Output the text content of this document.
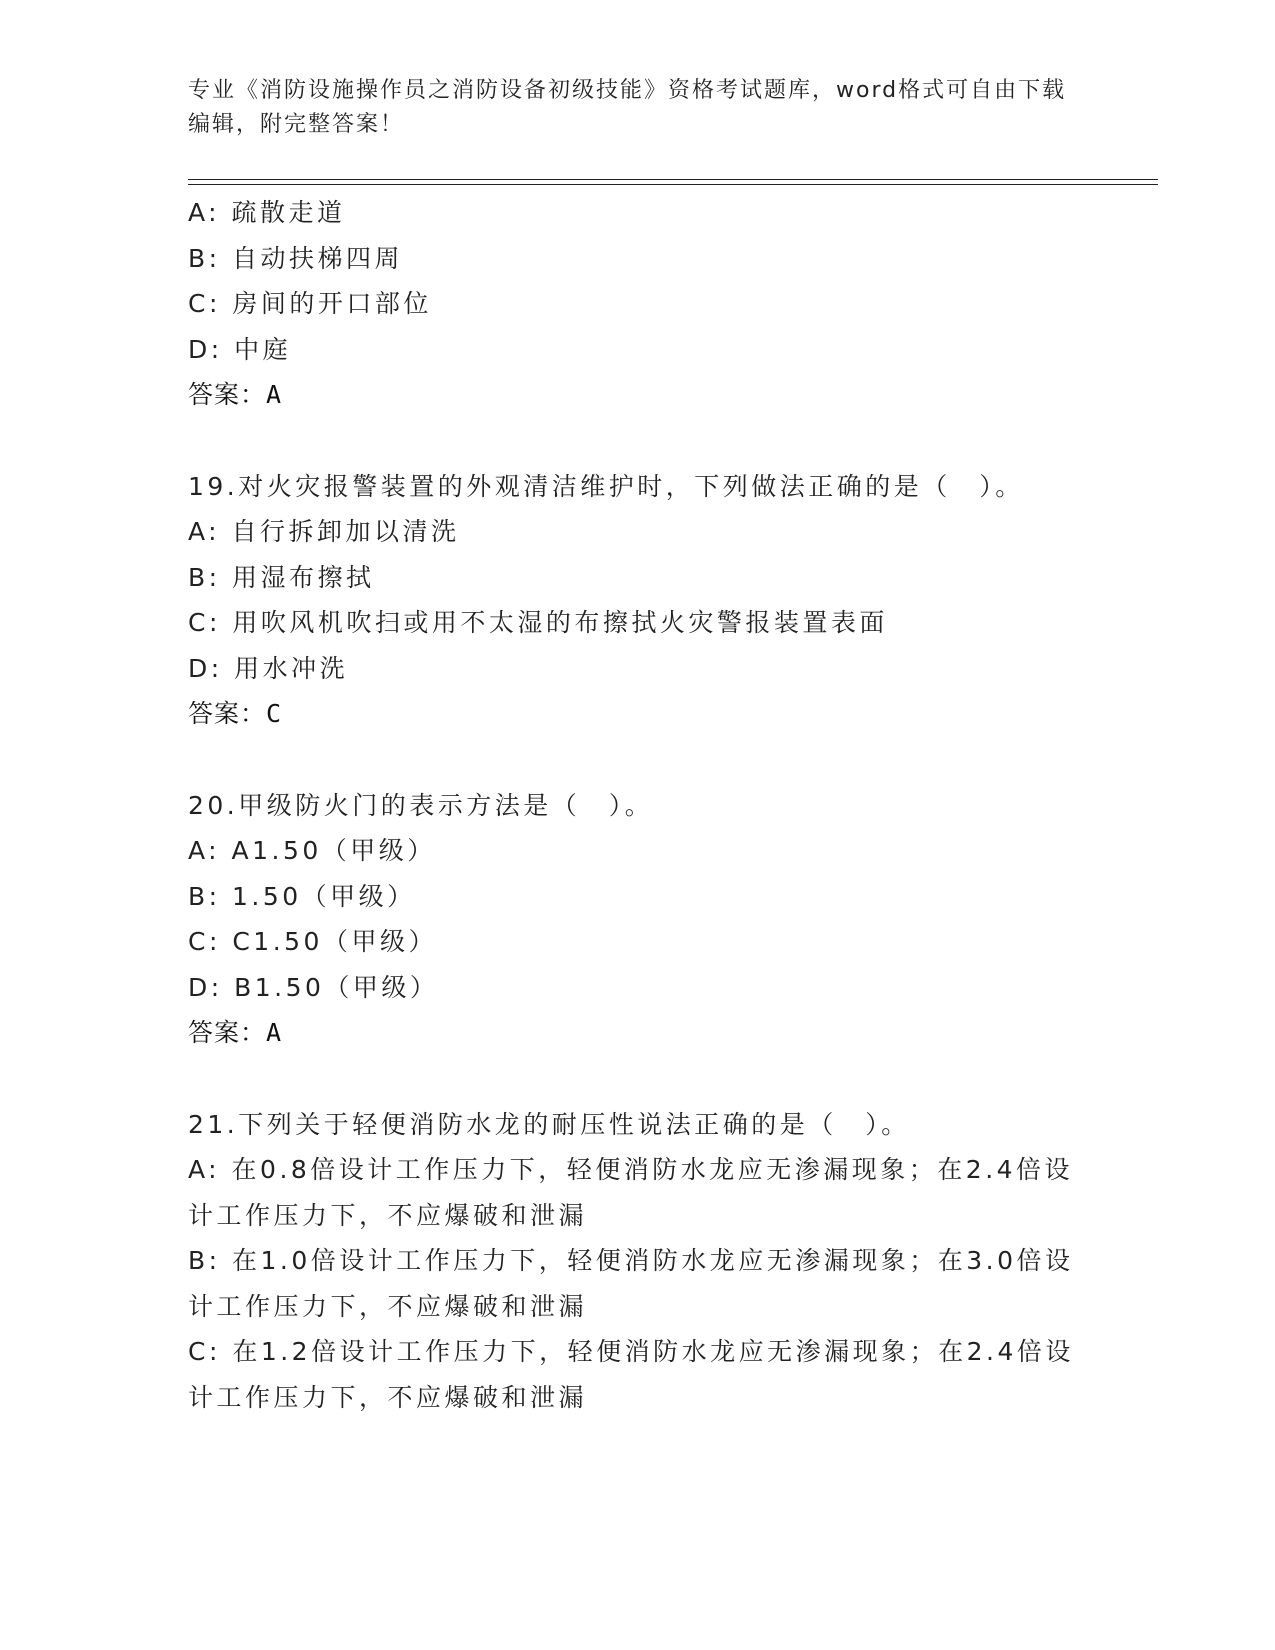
专业《消防设施操作员之消防设备初级技能》资格考试题库，word格式可自由下载编辑，附完整答案！
A: 疏散走道
B: 自动扶梯四周
C: 房间的开口部位
D: 中庭
答案：A
19.对火灾报警装置的外观清洁维护时，下列做法正确的是（　）。
A: 自行拆卸加以清洗
B: 用湿布擦拭
C: 用吹风机吹扫或用不太湿的布擦拭火灾警报装置表面
D: 用水冲洗
答案：C
20.甲级防火门的表示方法是（　）。
A: A1.50（甲级）
B: 1.50（甲级）
C: C1.50（甲级）
D: B1.50（甲级）
答案：A
21.下列关于轻便消防水龙的耐压性说法正确的是（　）。
A: 在0.8倍设计工作压力下，轻便消防水龙应无渗漏现象；在2.4倍设计工作压力下，不应爆破和泄漏
B: 在1.0倍设计工作压力下，轻便消防水龙应无渗漏现象；在3.0倍设计工作压力下，不应爆破和泄漏
C: 在1.2倍设计工作压力下，轻便消防水龙应无渗漏现象；在2.4倍设计工作压力下，不应爆破和泄漏
